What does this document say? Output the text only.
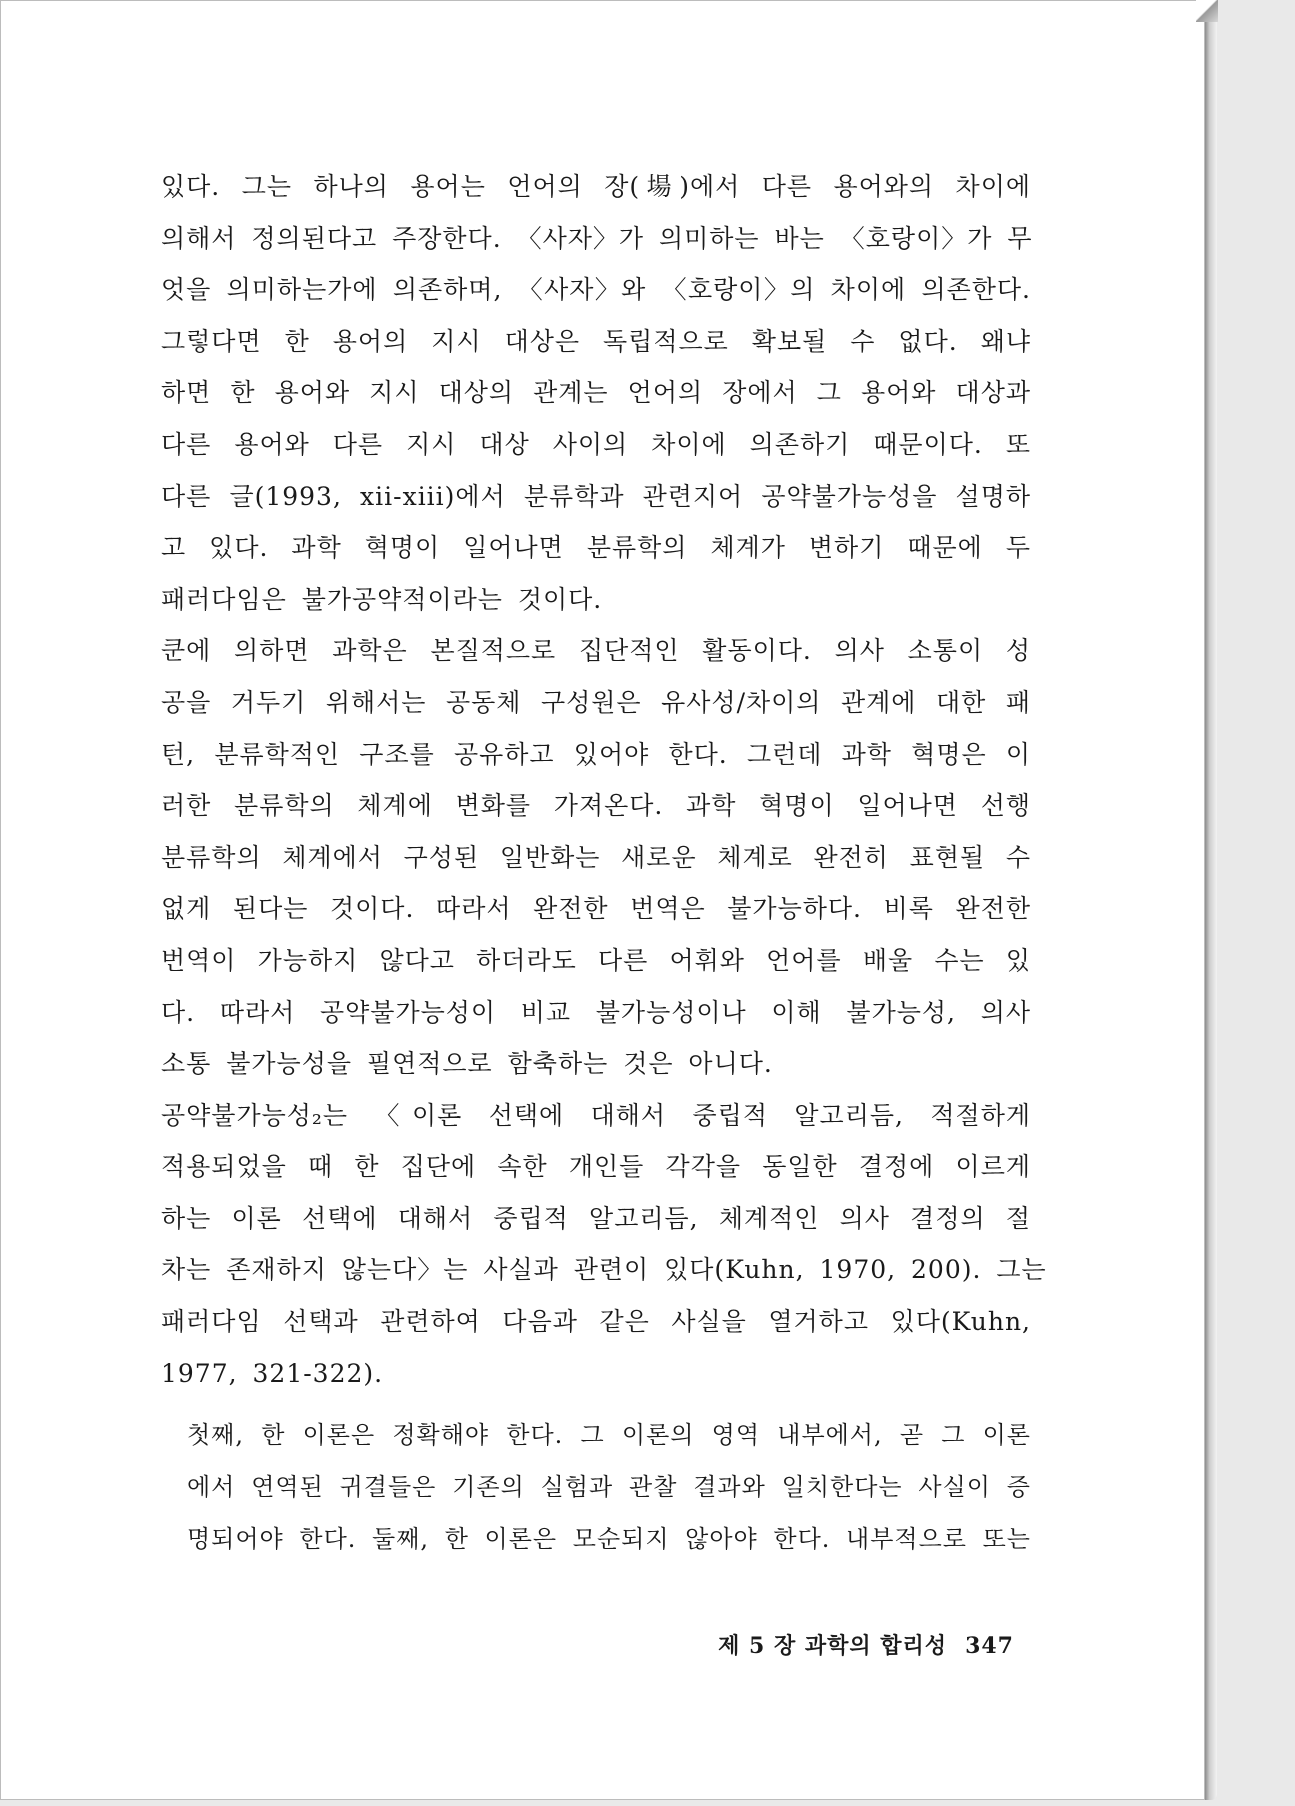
있다. 그는 하나의 용어는 언어의 장(場)에서 다른 용어와의 차이에
의해서 정의된다고 주장한다. 〈사자〉가 의미하는 바는 〈호랑이〉가 무
엇을 의미하는가에 의존하며, 〈사자〉와 〈호랑이〉의 차이에 의존한다.
그렇다면 한 용어의 지시 대상은 독립적으로 확보될 수 없다. 왜냐
하면 한 용어와 지시 대상의 관계는 언어의 장에서 그 용어와 대상과
다른 용어와 다른 지시 대상 사이의 차이에 의존하기 때문이다. 또
다른 글(1993, xii-xiii)에서 분류학과 관련지어 공약불가능성을 설명하
고 있다. 과학 혁명이 일어나면 분류학의 체계가 변하기 때문에 두
패러다임은 불가공약적이라는 것이다.

쿤에 의하면 과학은 본질적으로 집단적인 활동이다. 의사 소통이 성
공을 거두기 위해서는 공동체 구성원은 유사성/차이의 관계에 대한 패
턴, 분류학적인 구조를 공유하고 있어야 한다. 그런데 과학 혁명은 이
러한 분류학의 체계에 변화를 가져온다. 과학 혁명이 일어나면 선행
분류학의 체계에서 구성된 일반화는 새로운 체계로 완전히 표현될 수
없게 된다는 것이다. 따라서 완전한 번역은 불가능하다. 비록 완전한
번역이 가능하지 않다고 하더라도 다른 어휘와 언어를 배울 수는 있
다. 따라서 공약불가능성이 비교 불가능성이나 이해 불가능성, 의사
소통 불가능성을 필연적으로 함축하는 것은 아니다.

공약불가능성₂는 〈이론 선택에 대해서 중립적 알고리듬, 적절하게
적용되었을 때 한 집단에 속한 개인들 각각을 동일한 결정에 이르게
하는 이론 선택에 대해서 중립적 알고리듬, 체계적인 의사 결정의 절
차는 존재하지 않는다〉는 사실과 관련이 있다(Kuhn, 1970, 200). 그는
패러다임 선택과 관련하여 다음과 같은 사실을 열거하고 있다(Kuhn,
1977, 321-322).

첫째, 한 이론은 정확해야 한다. 그 이론의 영역 내부에서, 곧 그 이론
에서 연역된 귀결들은 기존의 실험과 관찰 결과와 일치한다는 사실이 증
명되어야 한다. 둘째, 한 이론은 모순되지 않아야 한다. 내부적으로 또는
제 5 장 과학의 합리성 347
